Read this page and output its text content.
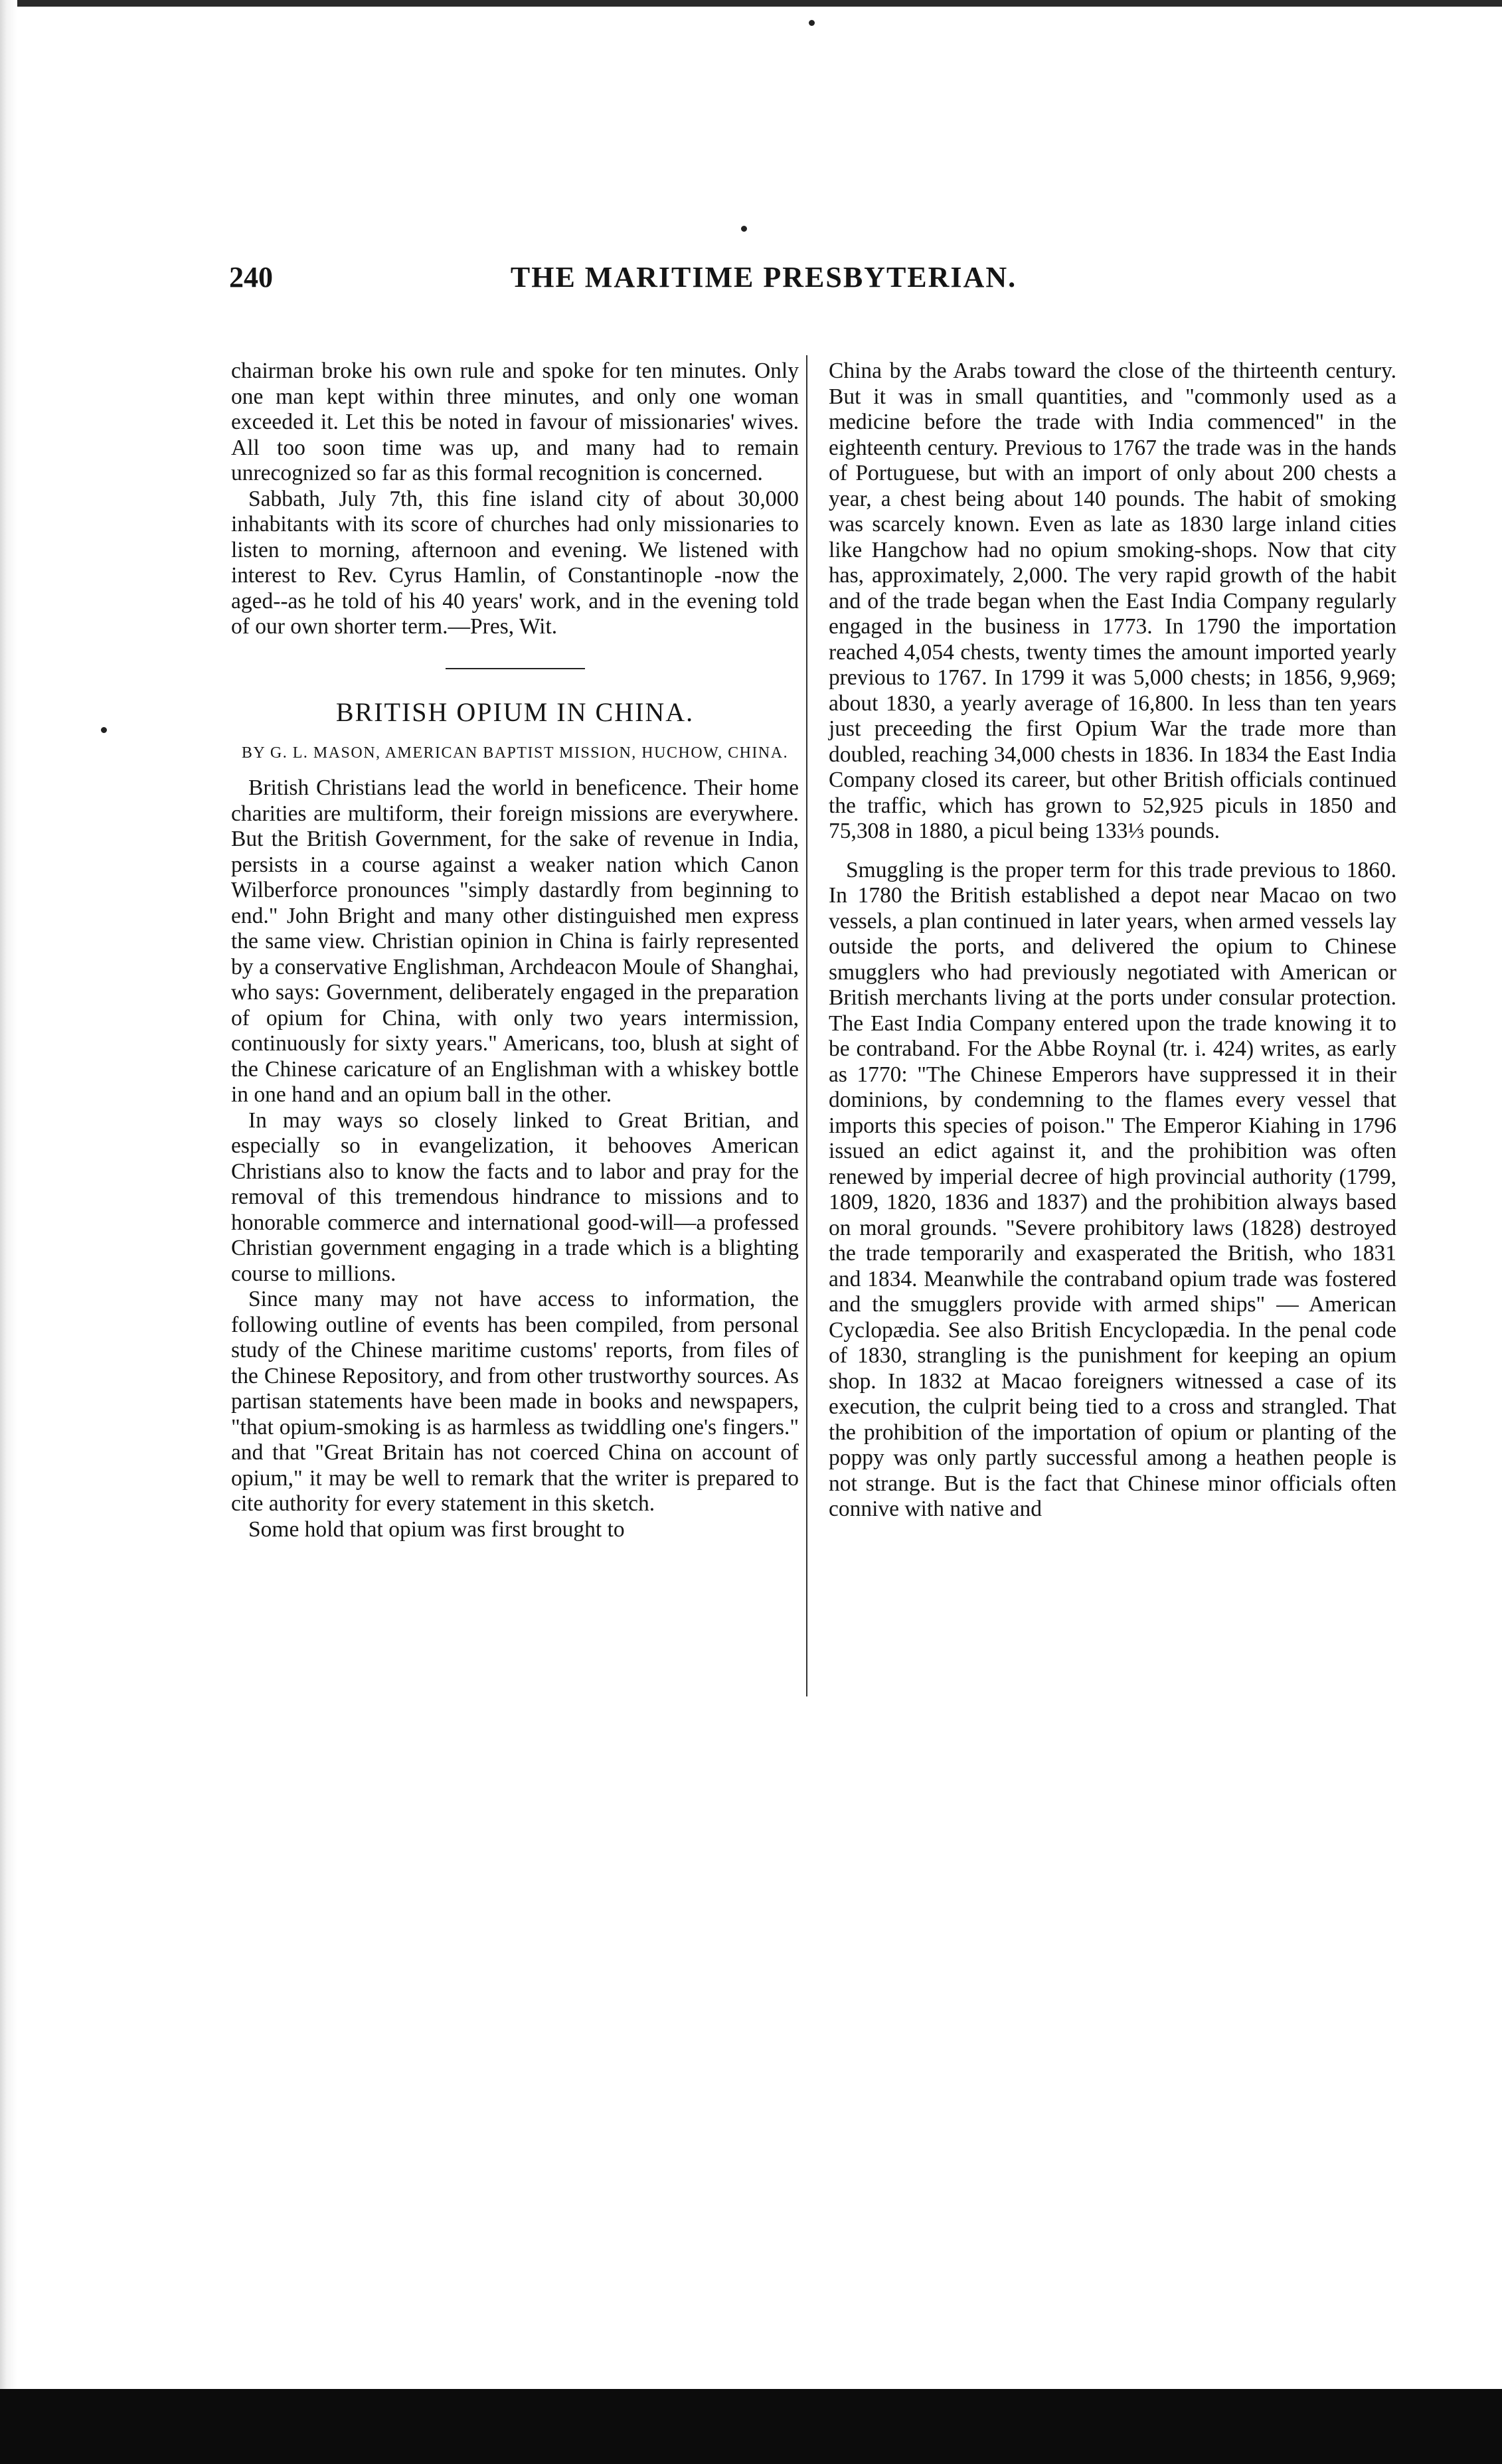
240	THE MARITIME PRESBYTERIAN.

chairman broke his own rule and spoke for ten minutes. Only one man kept within three minutes, and only one woman exceeded it. Let this be noted in favour of missionaries' wives. All too soon time was up, and many had to remain unrecognized so far as this formal recognition is concerned.

Sabbath, July 7th, this fine island city of about 30,000 inhabitants with its score of churches had only missionaries to listen to morning, afternoon and evening. We listened with interest to Rev. Cyrus Hamlin, of Constantinople -now the aged--as he told of his 40 years' work, and in the evening told of our own shorter term.—Pres, Wit.

BRITISH OPIUM IN CHINA.
BY G. L. MASON, AMERICAN BAPTIST MISSION, HUCHOW, CHINA.

British Christians lead the world in beneficence. Their home charities are multiform, their foreign missions are everywhere. But the British Government, for the sake of revenue in India, persists in a course against a weaker nation which Canon Wilberforce pronounces "simply dastardly from beginning to end." John Bright and many other distinguished men express the same view. Christian opinion in China is fairly represented by a conservative Englishman, Archdeacon Moule of Shanghai, who says: Government, deliberately engaged in the preparation of opium for China, with only two years intermission, continuously for sixty years." Americans, too, blush at sight of the Chinese caricature of an Englishman with a whiskey bottle in one hand and an opium ball in the other.

In may ways so closely linked to Great Britian, and especially so in evangelization, it behooves American Christians also to know the facts and to labor and pray for the removal of this tremendous hindrance to missions and to honorable commerce and international good-will—a professed Christian government engaging in a trade which is a blighting course to millions.

Since many may not have access to information, the following outline of events has been compiled, from personal study of the Chinese maritime customs' reports, from files of the Chinese Repository, and from other trustworthy sources. As partisan statements have been made in books and newspapers, "that opium-smoking is as harmless as twiddling one's fingers." and that "Great Britain has not coerced China on account of opium," it may be well to remark that the writer is prepared to cite authority for every statement in this sketch.

Some hold that opium was first brought to

China by the Arabs toward the close of the thirteenth century. But it was in small quantities, and "commonly used as a medicine before the trade with India commenced" in the eighteenth century. Previous to 1767 the trade was in the hands of Portuguese, but with an import of only about 200 chests a year, a chest being about 140 pounds. The habit of smoking was scarcely known. Even as late as 1830 large inland cities like Hangchow had no opium smoking-shops. Now that city has, approximately, 2,000. The very rapid growth of the habit and of the trade began when the East India Company regularly engaged in the business in 1773. In 1790 the importation reached 4,054 chests, twenty times the amount imported yearly previous to 1767. In 1799 it was 5,000 chests; in 1856, 9,969; about 1830, a yearly average of 16,800. In less than ten years just preceeding the first Opium War the trade more than doubled, reaching 34,000 chests in 1836. In 1834 the East India Company closed its career, but other British officials continued the traffic, which has grown to 52,925 piculs in 1850 and 75,308 in 1880, a picul being 133⅓ pounds.

Smuggling is the proper term for this trade previous to 1860. In 1780 the British established a depot near Macao on two vessels, a plan continued in later years, when armed vessels lay outside the ports, and delivered the opium to Chinese smugglers who had previously negotiated with American or British merchants living at the ports under consular protection. The East India Company entered upon the trade knowing it to be contraband. For the Abbe Roynal (tr. i. 424) writes, as early as 1770: "The Chinese Emperors have suppressed it in their dominions, by condemning to the flames every vessel that imports this species of poison." The Emperor Kiahing in 1796 issued an edict against it, and the prohibition was often renewed by imperial decree of high provincial authority (1799, 1809, 1820, 1836 and 1837) and the prohibition always based on moral grounds. "Severe prohibitory laws (1828) destroyed the trade temporarily and exasperated the British, who 1831 and 1834. Meanwhile the contraband opium trade was fostered and the smugglers provide with armed ships" — American Cyclopædia. See also British Encyclopædia. In the penal code of 1830, strangling is the punishment for keeping an opium shop. In 1832 at Macao foreigners witnessed a case of its execution, the culprit being tied to a cross and strangled. That the prohibition of the importation of opium or planting of the poppy was only partly successful among a heathen people is not strange. But is the fact that Chinese minor officials often connive with native and
